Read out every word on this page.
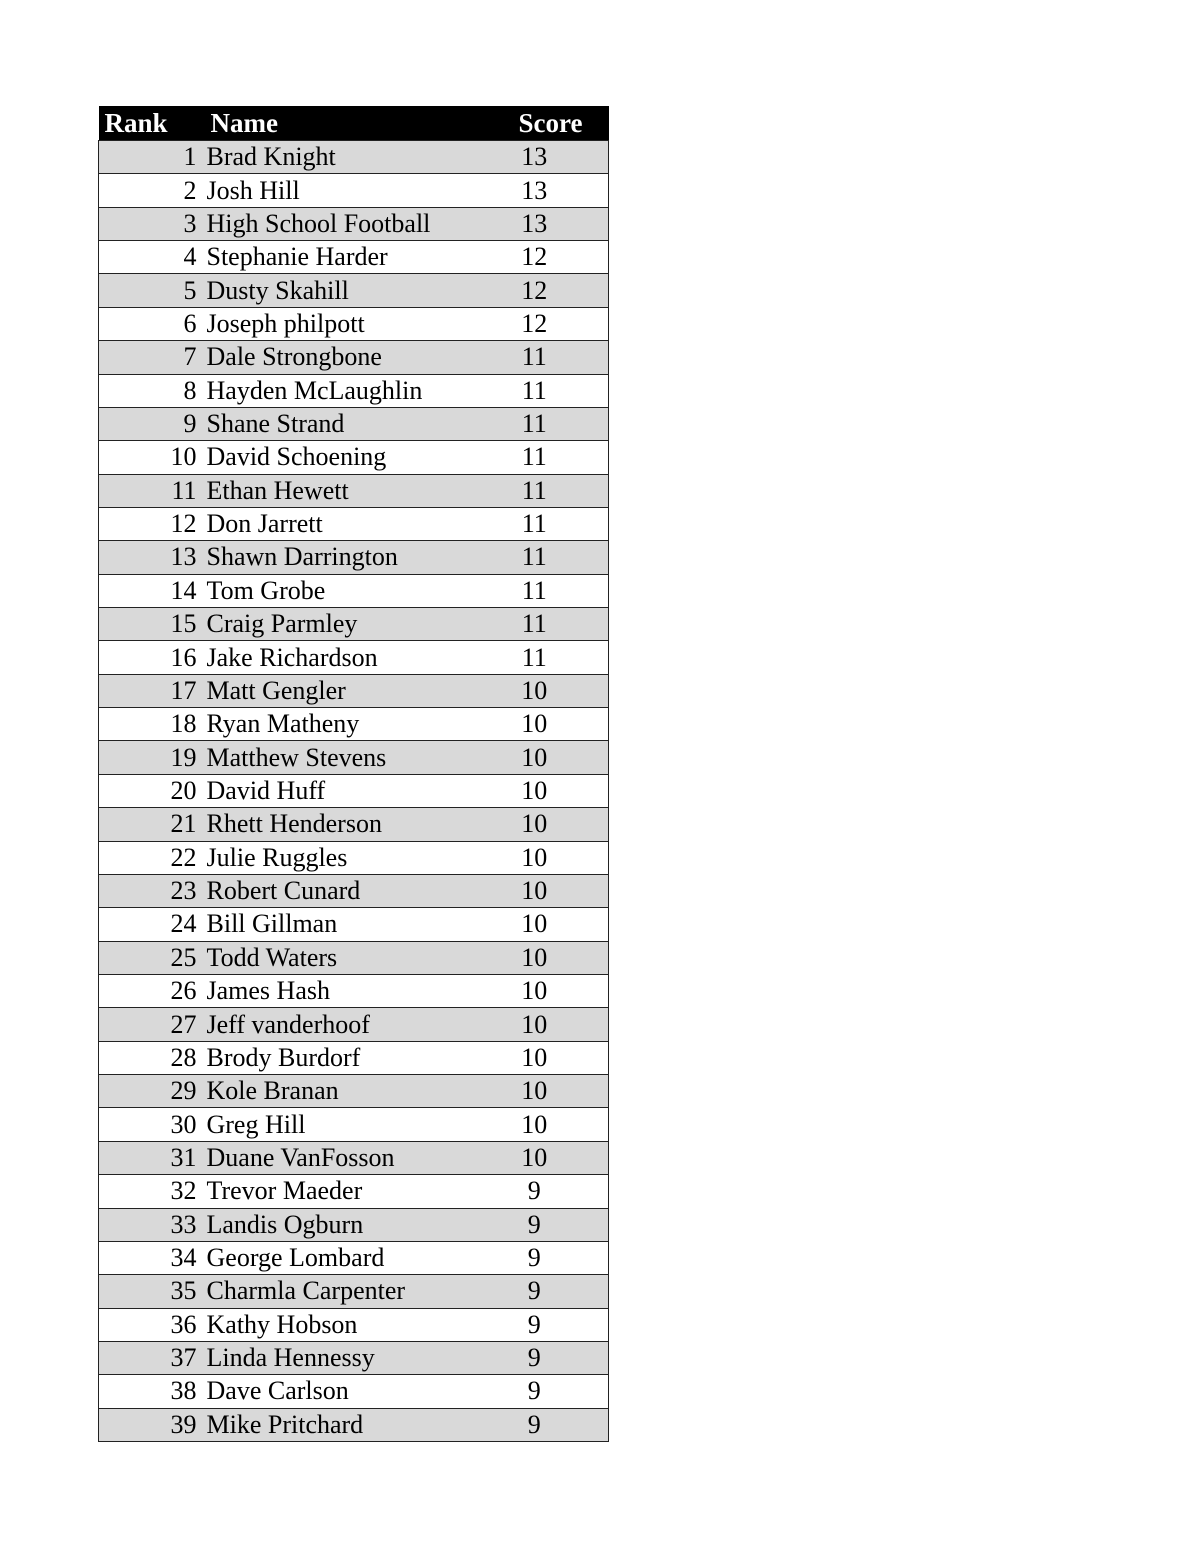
Rank	Name	Score
1	Brad Knight	13
2	Josh Hill	13
3	High School Football	13
4	Stephanie Harder	12
5	Dusty Skahill	12
6	Joseph philpott	12
7	Dale Strongbone	11
8	Hayden McLaughlin	11
9	Shane Strand	11
10	David Schoening	11
11	Ethan Hewett	11
12	Don Jarrett	11
13	Shawn Darrington	11
14	Tom Grobe	11
15	Craig Parmley	11
16	Jake Richardson	11
17	Matt Gengler	10
18	Ryan Matheny	10
19	Matthew Stevens	10
20	David Huff	10
21	Rhett Henderson	10
22	Julie Ruggles	10
23	Robert Cunard	10
24	Bill Gillman	10
25	Todd Waters	10
26	James Hash	10
27	Jeff vanderhoof	10
28	Brody Burdorf	10
29	Kole Branan	10
30	Greg Hill	10
31	Duane VanFosson	10
32	Trevor Maeder	9
33	Landis Ogburn	9
34	George Lombard	9
35	Charmla Carpenter	9
36	Kathy Hobson	9
37	Linda Hennessy	9
38	Dave Carlson	9
39	Mike Pritchard	9
